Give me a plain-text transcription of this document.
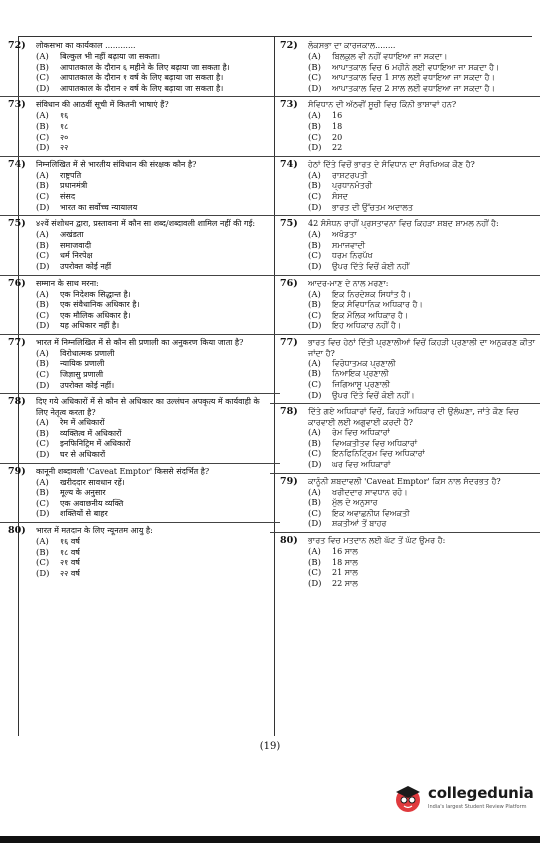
72)	लोकसभा का कार्यकाल ............
(A)	बिल्कुल भी नहीं बढ़ाया जा सकता।
(B)	आपातकाल के दौरान ६ महीने के लिए बढ़ाया जा सकता है।
(C)	आपातकाल के दौरान १ वर्ष के लिए बढ़ाया जा सकता है।
(D)	आपातकाल के दौरान २ वर्ष के लिए बढ़ाया जा सकता है।
73)	संविधान की आठवीं सूची में कितनी भाषाएं हैं?
(A)	१६
(B)	१८
(C)	२०
(D)	२२
74)	निम्नलिखित में से भारतीय संविधान की संरक्षक कौन है?
(A)	राष्ट्रपति
(B)	प्रधानमंत्री
(C)	संसद
(D)	भारत का सर्वोच्च न्यायालय
75)	४२वें संशोधन द्वारा, प्रस्तावना में कौन सा शब्द/शब्दावली शामिल नहीं की गई:
(A)	अखंडता
(B)	समाजवादी
(C)	धर्म निरपेक्ष
(D)	उपरोक्त कोई नहीं
76)	सम्मान के साथ मरना:
(A)	एक निदेशक सिद्धान्त है।
(B)	एक संवैधानिक अधिकार है।
(C)	एक मौलिक अधिकार है।
(D)	यह अधिकार नहीं है।
77)	भारत में निम्नलिखित में से कौन सी प्रणाली का अनुकरण किया जाता है?
(A)	विरोधात्मक प्रणाली
(B)	न्यायिक प्रणाली
(C)	जिज्ञासु प्रणाली
(D)	उपरोक्त कोई नहीं।
78)	दिए गये अधिकारों में से कौन से अधिकार का उल्लंघन अपकृत्य में कार्यवाही के लिए नेतृत्व करता है?
(A)	रेम में अधिकारों
(B)	व्यक्तित्व में अधिकारों
(C)	इनफिनिट्रिम में अधिकारों
(D)	घर से अधिकारों
79)	कानूनी शब्दावली 'Caveat Emptor' किससे संदर्भित है?
(A)	खरीददार सावधान रहें।
(B)	मूल्य के अनुसार
(C)	एक अवाछनीय व्यक्ति
(D)	शक्तियों से बाहर
80)	भारत में मतदान के लिए न्यूनतम आयु है:
(A)	१६ वर्ष
(B)	१८ वर्ष
(C)	२१ वर्ष
(D)	२२ वर्ष
72)	ਲੋਕਸਭਾ ਦਾ ਕਾਰਜਕਾਲ........
(A)	ਬਿਲਕੁਲ ਵੀ ਨਹੀਂ ਵਧਾਇਆ ਜਾ ਸਕਦਾ।
(B)	ਆਪਾਤਕਾਲ ਵਿਚ 6 ਮਹੀਨੇ ਲਈ ਵਧਾਇਆ ਜਾ ਸਕਦਾ ਹੈ।
(C)	ਆਪਾਤਕਾਲ ਵਿਚ 1 ਸਾਲ ਲਈ ਵਧਾਇਆ ਜਾ ਸਕਦਾ ਹੈ।
(D)	ਆਪਾਤਕਾਲ ਵਿਚ 2 ਸਾਲ ਲਈ ਵਧਾਇਆ ਜਾ ਸਕਦਾ ਹੈ।
73)	ਸੰਵਿਧਾਨ ਦੀ ਅੱਠਵੀਂ ਸੂਚੀ ਵਿਚ ਕਿੰਨੀ ਭਾਸ਼ਾਵਾਂ ਹਨ?
(A)	16
(B)	18
(C)	20
(D)	22
74)	ਹੇਠਾਂ ਦਿੱਤੇ ਵਿਚੋਂ ਭਾਰਤ ਦੇ ਸੰਵਿਧਾਨ ਦਾ ਸੰਰਖਿਅਕ ਕੌਣ ਹੈ?
(A)	ਰਾਸ਼ਟਰਪਤੀ
(B)	ਪ੍ਰਧਾਨਮੰਤਰੀ
(C)	ਸੰਸਦ
(D)	ਭਾਰਤ ਦੀ ਉੱਚਤਮ ਅਦਾਲਤ
75)	42 ਸੰਸੋਧਨ ਰਾਹੀਂ ਪ੍ਰਸਤਾਵਨਾ ਵਿਚ ਕਿਹੜਾ ਸ਼ਬਦ ਸ਼ਾਮਲ ਨਹੀਂ ਹੈ:
(A)	ਅਖੰਡਤਾ
(B)	ਸਮਾਜਵਾਦੀ
(C)	ਧਰਮ ਨਿਰਪੱਖ
(D)	ਉਪਰ ਦਿੱਤੇ ਵਿਚੋਂ ਕੋਈ ਨਹੀਂ
76)	ਆਦਰ-ਮਾਣ ਦੇ ਨਾਲ ਮਰਣਾ:
(A)	ਇਕ ਨਿਰਦੇਸ਼ਕ ਸਿਧਾਂਤ ਹੈ।
(B)	ਇਕ ਸੰਵਿਧਾਨਿਕ ਅਧਿਕਾਰ ਹੈ।
(C)	ਇਕ ਮੌਲਿਕ ਅਧਿਕਾਰ ਹੈ।
(D)	ਇਹ ਅਧਿਕਾਰ ਨਹੀਂ ਹੈ।
77)	ਭਾਰਤ ਵਿਚ ਹੇਠਾਂ ਦਿੱਤੀ ਪ੍ਰਣਾਲੀਆਂ ਵਿਚੋਂ ਕਿਹੜੀ ਪ੍ਰਣਾਲੀ ਦਾ ਅਨੁਕਰਣ ਕੀਤਾ ਜਾਂਦਾ ਹੈ?
(A)	ਵਿਰੋਧਾਤਮਕ ਪ੍ਰਣਾਲੀ
(B)	ਨਿਆਇਕ ਪ੍ਰਣਾਲੀ
(C)	ਜਿਗਿਆਸੂ ਪ੍ਰਣਾਲੀ
(D)	ਉਪਰ ਦਿੱਤੇ ਵਿਚੋਂ ਕੋਈ ਨਹੀਂ।
78)	ਦਿੱਤੇ ਗਏ ਅਧਿਕਾਰਾਂ ਵਿਚੋਂ, ਕਿਹੜੇ ਅਧਿਕਾਰ ਦੀ ਉਲੰਘਣਾ, ਜਾਂਤੇ ਕੌਣ ਵਿਚ ਕਾਰਵਾਈ ਲਈ ਅਗੁਵਾਈ ਕਰਦੀ ਹੈ?
(A)	ਰੇਮ ਵਿਚ ਅਧਿਕਾਰਾਂ
(B)	ਵਿਅਕਤੀਤਵ ਵਿਚ ਅਧਿਕਾਰਾਂ
(C)	ਇਨਫਿਨਿਟ੍ਰਿਮ ਵਿਚ ਅਧਿਕਾਰਾਂ
(D)	ਘਰ ਵਿਚ ਅਧਿਕਾਰਾਂ
79)	ਕਾਨੂੰਨੀ ਸ਼ਬਦਾਵਲੀ 'Caveat Emptor' ਕਿਸ ਨਾਲ ਸੰਦਰਭਤ ਹੈ?
(A)	ਖਰੀਦਦਾਰ ਸਾਵਧਾਨ ਰਹੋ।
(B)	ਮੁੱਲ ਦੇ ਅਨੁਸਾਰ
(C)	ਇਕ ਅਵਾਛਨੀਯ ਵਿਅਕਤੀ
(D)	ਸ਼ਕਤੀਆਂ ਤੋਂ ਬਾਹਰ
80)	ਭਾਰਤ ਵਿਚ ਮਤਦਾਨ ਲਈ ਘੱਟ ਤੋਂ ਘੱਟ ਉਮਰ ਹੈ:
(A)	16 ਸਾਲ
(B)	18 ਸਾਲ
(C)	21 ਸਾਲ
(D)	22 ਸਾਲ
(19)
collegedunia
India's largest Student Review Platform
